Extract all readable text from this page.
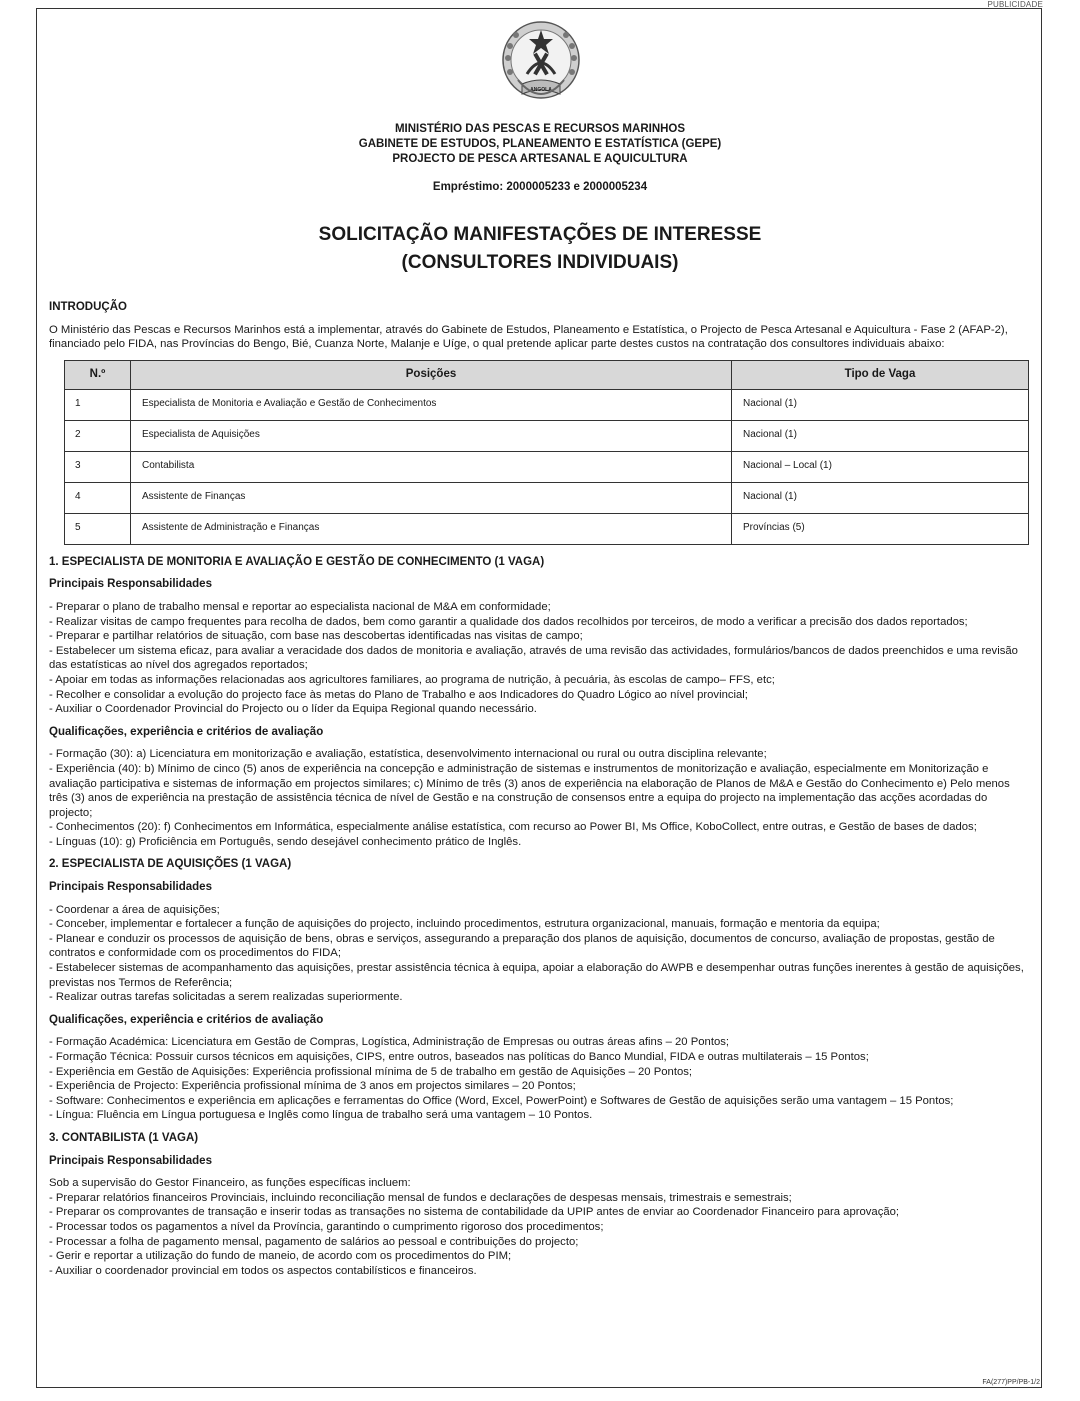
PUBLICIDADE
ANGOLA
MINISTÉRIO DAS PESCAS E RECURSOS MARINHOS
GABINETE DE ESTUDOS, PLANEAMENTO E ESTATÍSTICA (GEPE)
PROJECTO DE PESCA ARTESANAL E AQUICULTURA
Empréstimo: 2000005233 e 2000005234
SOLICITAÇÃO MANIFESTAÇÕES DE INTERESSE
(CONSULTORES INDIVIDUAIS)

INTRODUÇÃO

O Ministério das Pescas e Recursos Marinhos está a implementar, através do Gabinete de Estudos, Planeamento e Estatística, o Projecto de Pesca Artesanal e Aquicultura - Fase 2 (AFAP-2), financiado pelo FIDA, nas Províncias do Bengo, Bié, Cuanza Norte, Malanje e Uíge, o qual pretende aplicar parte destes custos na contratação dos consultores individuais abaixo:

N.º	Posições	Tipo de Vaga
1	Especialista de Monitoria e Avaliação e Gestão de Conhecimentos	Nacional (1)
2	Especialista de Aquisições	Nacional (1)
3	Contabilista	Nacional – Local (1)
4	Assistente de Finanças	Nacional (1)
5	Assistente de Administração e Finanças	Províncias (5)

1. ESPECIALISTA DE MONITORIA E AVALIAÇÃO E GESTÃO DE CONHECIMENTO (1 VAGA)

Principais Responsabilidades

- Preparar o plano de trabalho mensal e reportar ao especialista nacional de M&A em conformidade;

- Realizar visitas de campo frequentes para recolha de dados, bem como garantir a qualidade dos dados recolhidos por terceiros, de modo a verificar a precisão dos dados reportados;

- Preparar e partilhar relatórios de situação, com base nas descobertas identificadas nas visitas de campo;

- Estabelecer um sistema eficaz, para avaliar a veracidade dos dados de monitoria e avaliação, através de uma revisão das actividades, formulários/bancos de dados preenchidos e uma revisão das estatísticas ao nível dos agregados reportados;

- Apoiar em todas as informações relacionadas aos agricultores familiares, ao programa de nutrição, à pecuária, às escolas de campo– FFS, etc;

- Recolher e consolidar a evolução do projecto face às metas do Plano de Trabalho e aos Indicadores do Quadro Lógico ao nível provincial;

- Auxiliar o Coordenador Provincial do Projecto ou o líder da Equipa Regional quando necessário.

Qualificações, experiência e critérios de avaliação

- Formação (30): a) Licenciatura em monitorização e avaliação, estatística, desenvolvimento internacional ou rural ou outra disciplina relevante;

- Experiência (40): b) Mínimo de cinco (5) anos de experiência na concepção e administração de sistemas e instrumentos de monitorização e avaliação, especialmente em Monitorização e avaliação participativa e sistemas de informação em projectos similares; c) Mínimo de três (3) anos de experiência na elaboração de Planos de M&A e Gestão do Conhecimento e) Pelo menos três (3) anos de experiência na prestação de assistência técnica de nível de Gestão e na construção de consensos entre a equipa do projecto na implementação das acções acordadas do projecto;

- Conhecimentos (20): f) Conhecimentos em Informática, especialmente análise estatística, com recurso ao Power BI, Ms Office, KoboCollect, entre outras, e Gestão de bases de dados;

- Línguas (10): g) Proficiência em Português, sendo desejável conhecimento prático de Inglês.

2. ESPECIALISTA DE AQUISIÇÕES (1 VAGA)

Principais Responsabilidades

- Coordenar a área de aquisições;

- Conceber, implementar e fortalecer a função de aquisições do projecto, incluindo procedimentos, estrutura organizacional, manuais, formação e mentoria da equipa;

- Planear e conduzir os processos de aquisição de bens, obras e serviços, assegurando a preparação dos planos de aquisição, documentos de concurso, avaliação de propostas, gestão de contratos e conformidade com os procedimentos do FIDA;

- Estabelecer sistemas de acompanhamento das aquisições, prestar assistência técnica à equipa, apoiar a elaboração do AWPB e desempenhar outras funções inerentes à gestão de aquisições, previstas nos Termos de Referência;

- Realizar outras tarefas solicitadas a serem realizadas superiormente.

Qualificações, experiência e critérios de avaliação

- Formação Académica: Licenciatura em Gestão de Compras, Logística, Administração de Empresas ou outras áreas afins – 20 Pontos;

- Formação Técnica: Possuir cursos técnicos em aquisições, CIPS, entre outros, baseados nas políticas do Banco Mundial, FIDA e outras multilaterais – 15 Pontos;

- Experiência em Gestão de Aquisições: Experiência profissional mínima de 5 de trabalho em gestão de Aquisições – 20 Pontos;

- Experiência de Projecto: Experiência profissional mínima de 3 anos em projectos similares – 20 Pontos;

- Software: Conhecimentos e experiência em aplicações e ferramentas do Office (Word, Excel, PowerPoint) e Softwares de Gestão de aquisições serão uma vantagem – 15 Pontos;

- Língua: Fluência em Língua portuguesa e Inglês como língua de trabalho será uma vantagem – 10 Pontos.

3. CONTABILISTA (1 VAGA)

Principais Responsabilidades

Sob a supervisão do Gestor Financeiro, as funções específicas incluem:

- Preparar relatórios financeiros Provinciais, incluindo reconciliação mensal de fundos e declarações de despesas mensais, trimestrais e semestrais;

- Preparar os comprovantes de transação e inserir todas as transações no sistema de contabilidade da UPIP antes de enviar ao Coordenador Financeiro para aprovação;

- Processar todos os pagamentos a nível da Província, garantindo o cumprimento rigoroso dos procedimentos;

- Processar a folha de pagamento mensal, pagamento de salários ao pessoal e contribuições do projecto;

- Gerir e reportar a utilização do fundo de maneio, de acordo com os procedimentos do PIM;

- Auxiliar o coordenador provincial em todos os aspectos contabilísticos e financeiros.

FA(277)PP/PB-1/2
